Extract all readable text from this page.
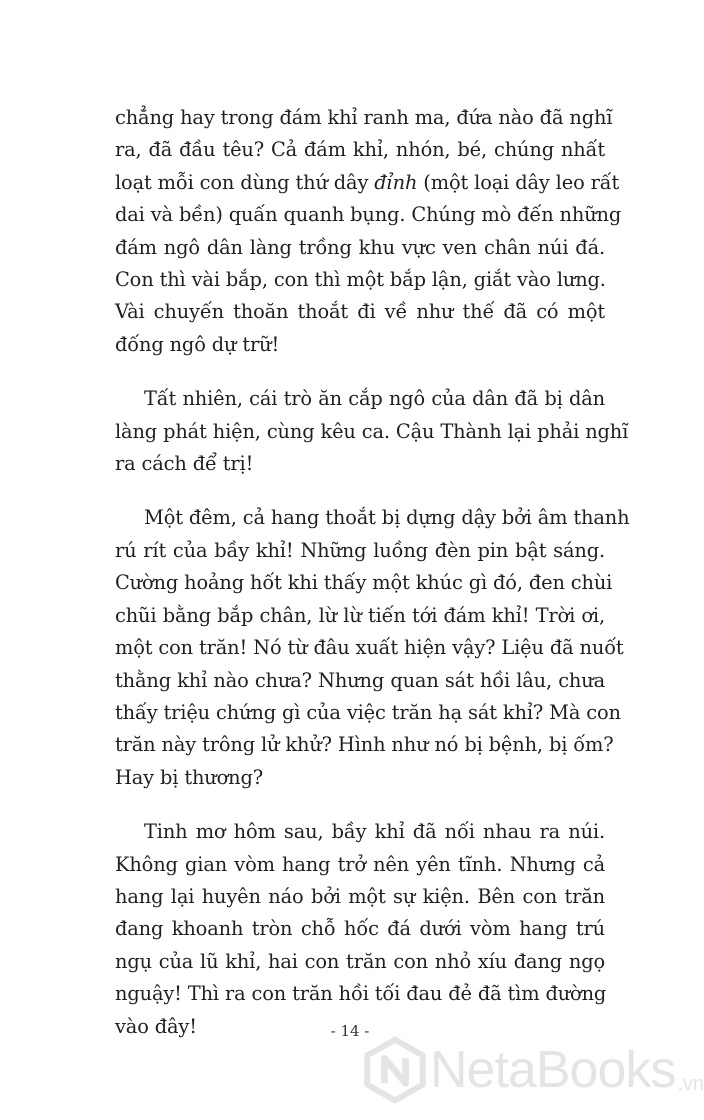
chẳng hay trong đám khỉ ranh ma, đứa nào đã nghĩ
ra, đã đầu têu? Cả đám khỉ, nhón, bé, chúng nhất
loạt mỗi con dùng thứ dây đỉnh (một loại dây leo rất
dai và bền) quấn quanh bụng. Chúng mò đến những
đám ngô dân làng trồng khu vực ven chân núi đá.
Con thì vài bắp, con thì một bắp lận, giắt vào lưng.
Vài chuyến thoăn thoắt đi về như thế đã có một
đống ngô dự trữ!

Tất nhiên, cái trò ăn cắp ngô của dân đã bị dân
làng phát hiện, cùng kêu ca. Cậu Thành lại phải nghĩ
ra cách để trị!

Một đêm, cả hang thoắt bị dựng dậy bởi âm thanh
rú rít của bầy khỉ! Những luồng đèn pin bật sáng.
Cường hoảng hốt khi thấy một khúc gì đó, đen chùi
chũi bằng bắp chân, lừ lừ tiến tới đám khỉ! Trời ơi,
một con trăn! Nó từ đâu xuất hiện vậy? Liệu đã nuốt
thằng khỉ nào chưa? Nhưng quan sát hồi lâu, chưa
thấy triệu chứng gì của việc trăn hạ sát khỉ? Mà con
trăn này trông lử khử? Hình như nó bị bệnh, bị ốm?
Hay bị thương?

Tinh mơ hôm sau, bầy khỉ đã nối nhau ra núi.
Không gian vòm hang trở nên yên tĩnh. Nhưng cả
hang lại huyên náo bởi một sự kiện. Bên con trăn
đang khoanh tròn chỗ hốc đá dưới vòm hang trú
ngụ của lũ khỉ, hai con trăn con nhỏ xíu đang ngọ
nguậy! Thì ra con trăn hồi tối đau đẻ đã tìm đường
vào đây!	- 14 -
NetaBooks .vn
